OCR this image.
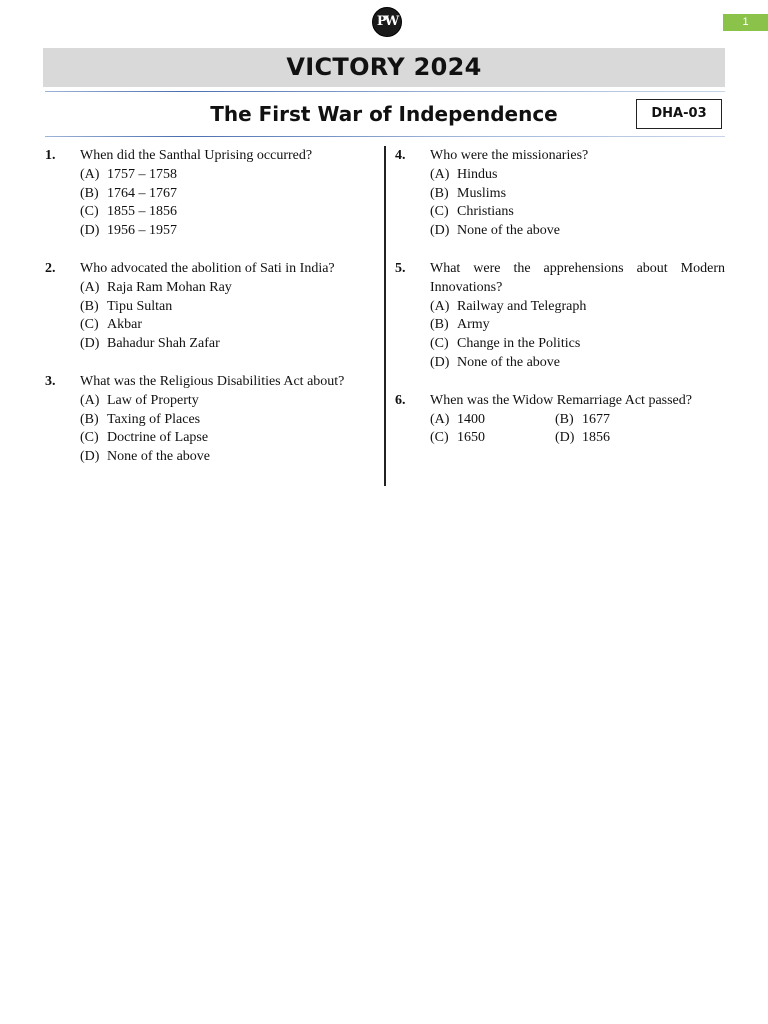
PW	1
VICTORY 2024
The First War of Independence	DHA-03
1. When did the Santhal Uprising occurred?
(A) 1757 – 1758
(B) 1764 – 1767
(C) 1855 – 1856
(D) 1956 – 1957
2. Who advocated the abolition of Sati in India?
(A) Raja Ram Mohan Ray
(B) Tipu Sultan
(C) Akbar
(D) Bahadur Shah Zafar
3. What was the Religious Disabilities Act about?
(A) Law of Property
(B) Taxing of Places
(C) Doctrine of Lapse
(D) None of the above
4. Who were the missionaries?
(A) Hindus
(B) Muslims
(C) Christians
(D) None of the above
5. What were the apprehensions about Modern Innovations?
(A) Railway and Telegraph
(B) Army
(C) Change in the Politics
(D) None of the above
6. When was the Widow Remarriage Act passed?
(A) 1400	(B) 1677
(C) 1650	(D) 1856
